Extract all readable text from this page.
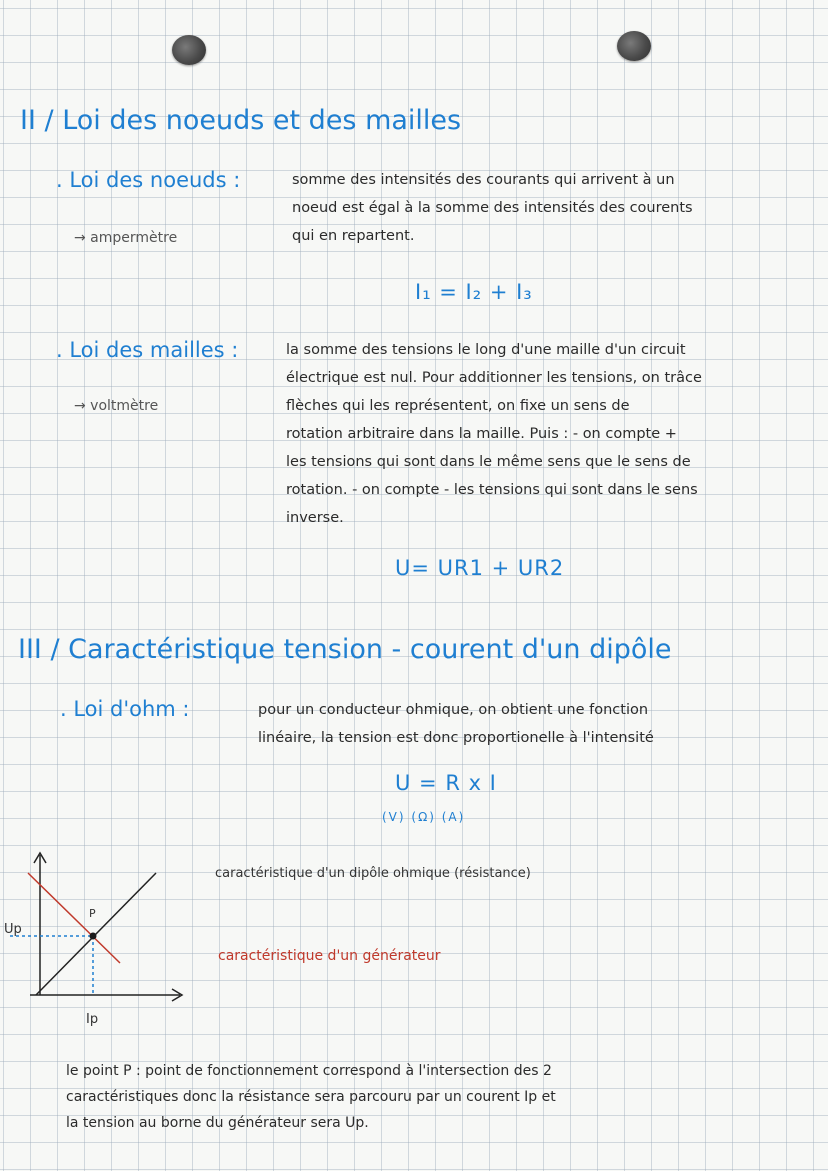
II / Loi des noeuds et des mailles
. Loi des noeuds :
→ ampermètre
somme des intensités des courants qui arrivent à un
noeud est égal à la somme des intensités des courents
qui en repartent.
I₁ = I₂ + I₃
. Loi des mailles :
→ voltmètre
la somme des tensions le long d'une maille d'un circuit
électrique est nul. Pour additionner les tensions, on trâce
flèches qui les représentent, on fixe un sens de
rotation arbitraire dans la maille. Puis : - on compte +
les tensions qui sont dans le même sens que le sens de
rotation. - on compte - les tensions qui sont dans le sens
inverse.
U= UR1 + UR2
III / Caractéristique tension - courent d'un dipôle
. Loi d'ohm :	pour un conducteur ohmique, on obtient une fonction
linéaire, la tension est donc proportionelle à l'intensité
U = R x I
(V) (Ω) (A)
P
Up
Ip
caractéristique d'un dipôle ohmique (résistance)
caractéristique d'un générateur
le point P : point de fonctionnement correspond à l'intersection des 2
caractéristiques donc la résistance sera parcouru par un courent Ip et
la tension au borne du générateur sera Up.
